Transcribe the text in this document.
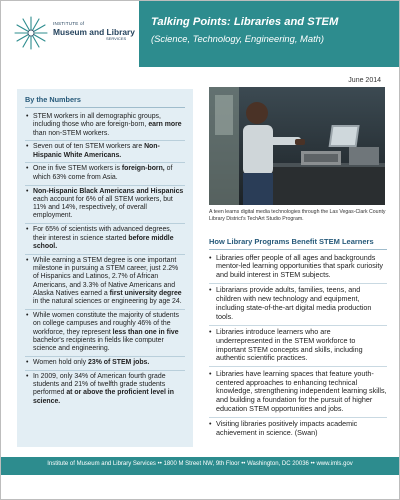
INSTITUTE of
Museum and Library
SERVICES
Talking Points: Libraries and STEM
(Science, Technology, Engineering, Math)
June 2014
By the Numbers
• STEM workers in all demographic groups, including those who are foreign-born, earn more than non-STEM workers.
• Seven out of ten STEM workers are Non-Hispanic White Americans.
• One in five STEM workers is foreign-born, of which 63% come from Asia.
• Non-Hispanic Black Americans and Hispanics each account for 6% of all STEM workers, but 11% and 14%, respectively, of overall employment.
• For 65% of scientists with advanced degrees, their interest in science started before middle school.
• While earning a STEM degree is one important milestone in pursuing a STEM career, just 2.2% of Hispanics and Latinos, 2.7% of African Americans, and 3.3% of Native Americans and Alaska Natives earned a first university degree in the natural sciences or engineering by age 24.
• While women constitute the majority of students on college campuses and roughly 46% of the workforce, they represent less than one in five bachelor's recipients in fields like computer science and engineering.
• Women hold only 23% of STEM jobs.
• In 2009, only 34% of American fourth grade students and 21% of twelfth grade students performed at or above the proficient level in science.
A teen learns digital media technologies through the Las Vegas-Clark County Library District's TechArt Studio Program.
How Library Programs Benefit STEM Learners
• Libraries offer people of all ages and backgrounds mentor-led learning opportunities that spark curiosity and build interest in STEM subjects.
• Librarians provide adults, families, teens, and children with new technology and equipment, including state-of-the-art digital media production tools.
• Libraries introduce learners who are underrepresented in the STEM workforce to important STEM concepts and skills, including authentic scientific practices.
• Libraries have learning spaces that feature youth-centered approaches to enhancing technical knowledge, strengthening independent learning skills, and building a foundation for the pursuit of higher education STEM opportunities and jobs.
• Visiting libraries positively impacts academic achievement in science. (Swan)
Institute of Museum and Library Services •• 1800 M Street NW, 9th Floor •• Washington, DC 20036 •• www.imls.gov
